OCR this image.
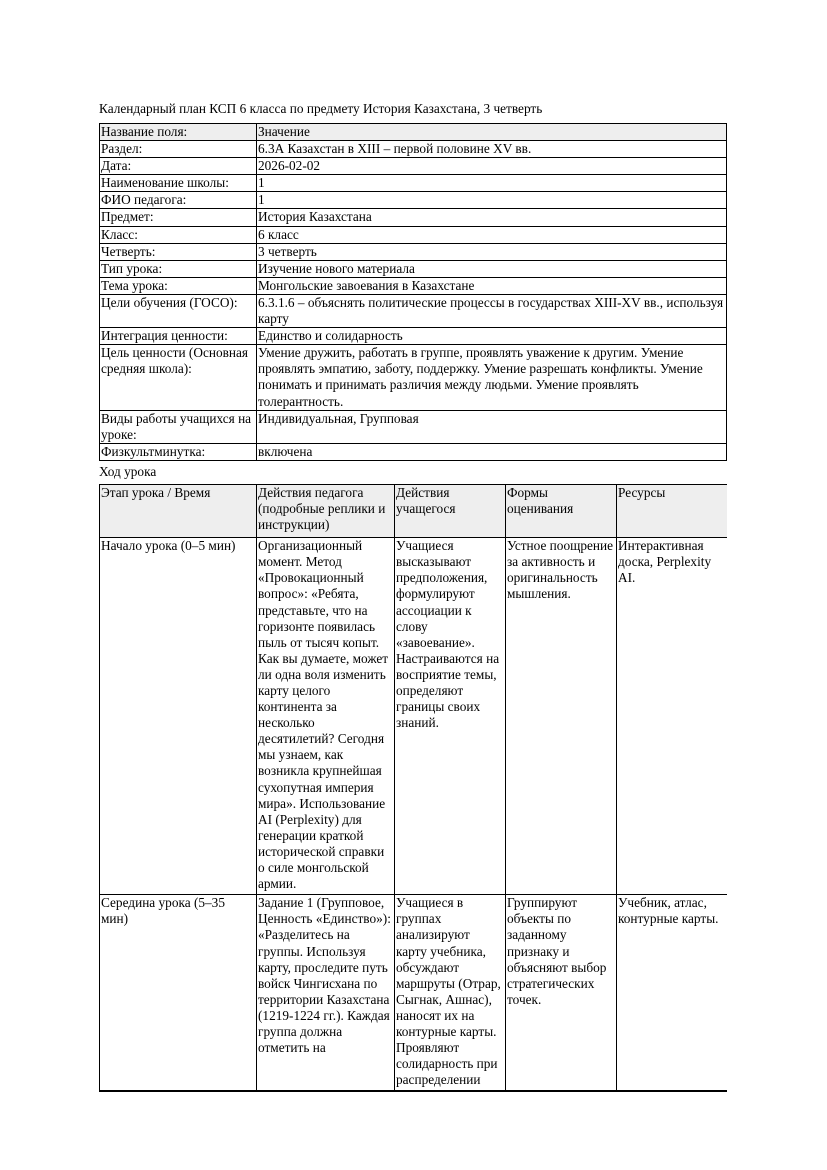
Календарный план КСП 6 класса по предмету История Казахстана, 3 четверть
Название поля:	Значение
Раздел:	6.3А Казахстан в XIII – первой половине XV вв.
Дата:	2026-02-02
Наименование школы:	1
ФИО педагога:	1
Предмет:	История Казахстана
Класс:	6 класс
Четверть:	3 четверть
Тип урока:	Изучение нового материала
Тема урока:	Монгольские завоевания в Казахстане
Цели обучения (ГОСО):	6.3.1.6 – объяснять политические процессы в государствах XIII-XV вв., используя карту
Интеграция ценности:	Единство и солидарность
Цель ценности (Основная средняя школа):	Умение дружить, работать в группе, проявлять уважение к другим. Умение проявлять эмпатию, заботу, поддержку. Умение разрешать конфликты. Умение понимать и принимать различия между людьми. Умение проявлять толерантность.
Виды работы учащихся на уроке:	Индивидуальная, Групповая
Физкультминутка:	включена
Ход урока
Этап урока / Время	Действия педагога (подробные реплики и инструкции)	Действия учащегося	Формы оценивания	Ресурсы
Начало урока (0–5 мин)	Организационный момент. Метод «Провокационный вопрос»: «Ребята, представьте, что на горизонте появилась пыль от тысяч копыт. Как вы думаете, может ли одна воля изменить карту целого континента за несколько десятилетий? Сегодня мы узнаем, как возникла крупнейшая сухопутная империя мира». Использование AI (Perplexity) для генерации краткой исторической справки о силе монгольской армии.	Учащиеся высказывают предположения, формулируют ассоциации к слову «завоевание». Настраиваются на восприятие темы, определяют границы своих знаний.	Устное поощрение за активность и оригинальность мышления.	Интерактивная доска, Perplexity AI.
Середина урока (5–35 мин)	Задание 1 (Групповое, Ценность «Единство»): «Разделитесь на группы. Используя карту, проследите путь войск Чингисхана по территории Казахстана (1219-1224 гг.). Каждая группа должна отметить на	Учащиеся в группах анализируют карту учебника, обсуждают маршруты (Отрар, Сыгнак, Ашнас), наносят их на контурные карты. Проявляют солидарность при распределении	Группируют объекты по заданному признаку и объясняют выбор стратегических точек.	Учебник, атлас, контурные карты.
